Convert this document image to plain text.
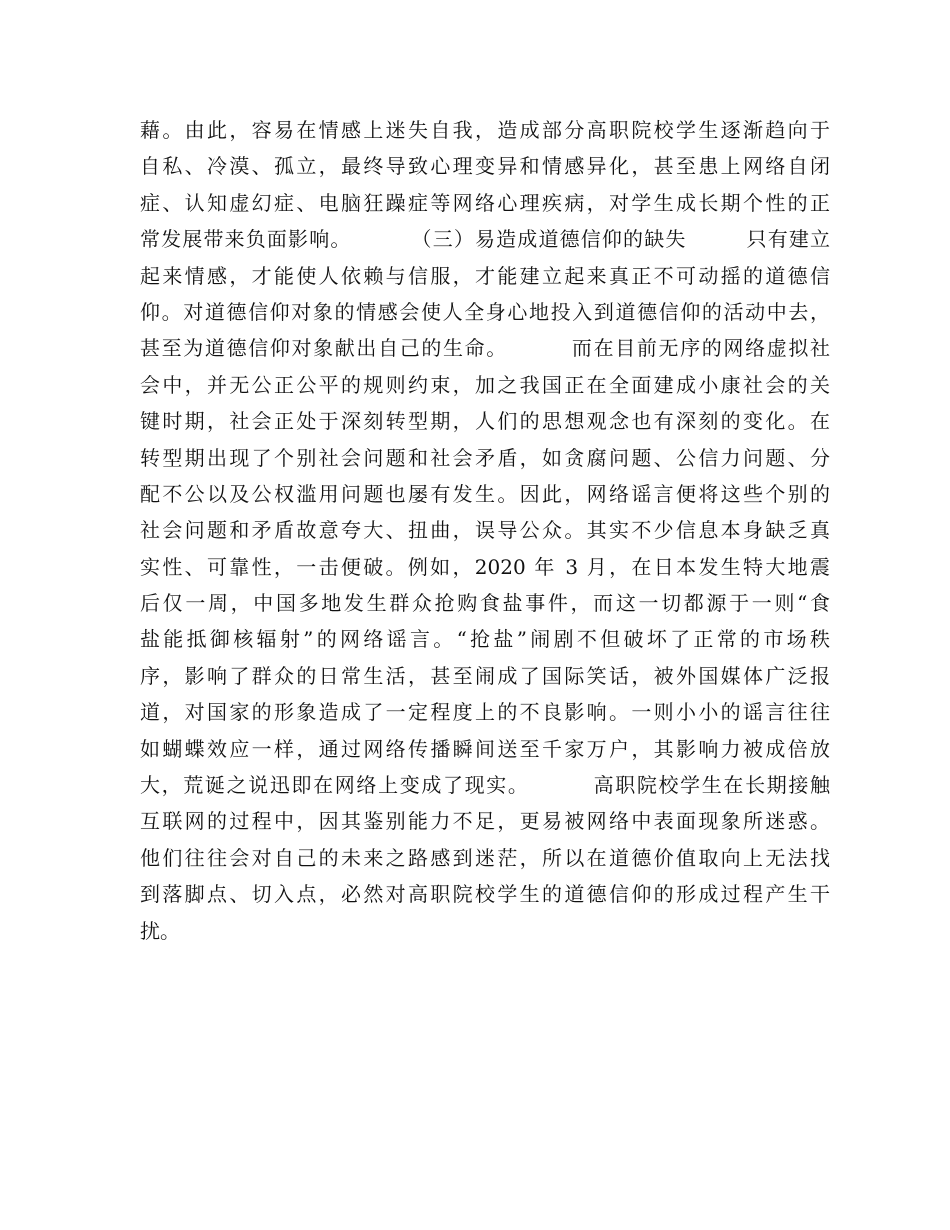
藉。由此，容易在情感上迷失自我，造成部分高职院校学生逐渐趋向于
自私、冷漠、孤立，最终导致心理变异和情感异化，甚至患上网络自闭
症、认知虚幻症、电脑狂躁症等网络心理疾病，对学生成长期个性的正
常发展带来负面影响。        （三）易造成道德信仰的缺失        只有建立
起来情感，才能使人依赖与信服，才能建立起来真正不可动摇的道德信
仰。对道德信仰对象的情感会使人全身心地投入到道德信仰的活动中去，
甚至为道德信仰对象献出自己的生命。        而在目前无序的网络虚拟社
会中，并无公正公平的规则约束，加之我国正在全面建成小康社会的关
键时期，社会正处于深刻转型期，人们的思想观念也有深刻的变化。在
转型期出现了个别社会问题和社会矛盾，如贪腐问题、公信力问题、分
配不公以及公权滥用问题也屡有发生。因此，网络谣言便将这些个别的
社会问题和矛盾故意夸大、扭曲，误导公众。其实不少信息本身缺乏真
实性、可靠性，一击便破。例如，2020 年 3 月，在日本发生特大地震
后仅一周，中国多地发生群众抢购食盐事件，而这一切都源于一则“食
盐能抵御核辐射”的网络谣言。“抢盐”闹剧不但破坏了正常的市场秩
序，影响了群众的日常生活，甚至闹成了国际笑话，被外国媒体广泛报
道，对国家的形象造成了一定程度上的不良影响。一则小小的谣言往往
如蝴蝶效应一样，通过网络传播瞬间送至千家万户，其影响力被成倍放
大，荒诞之说迅即在网络上变成了现实。        高职院校学生在长期接触
互联网的过程中，因其鉴别能力不足，更易被网络中表面现象所迷惑。
他们往往会对自己的未来之路感到迷茫，所以在道德价值取向上无法找
到落脚点、切入点，必然对高职院校学生的道德信仰的形成过程产生干
扰。
